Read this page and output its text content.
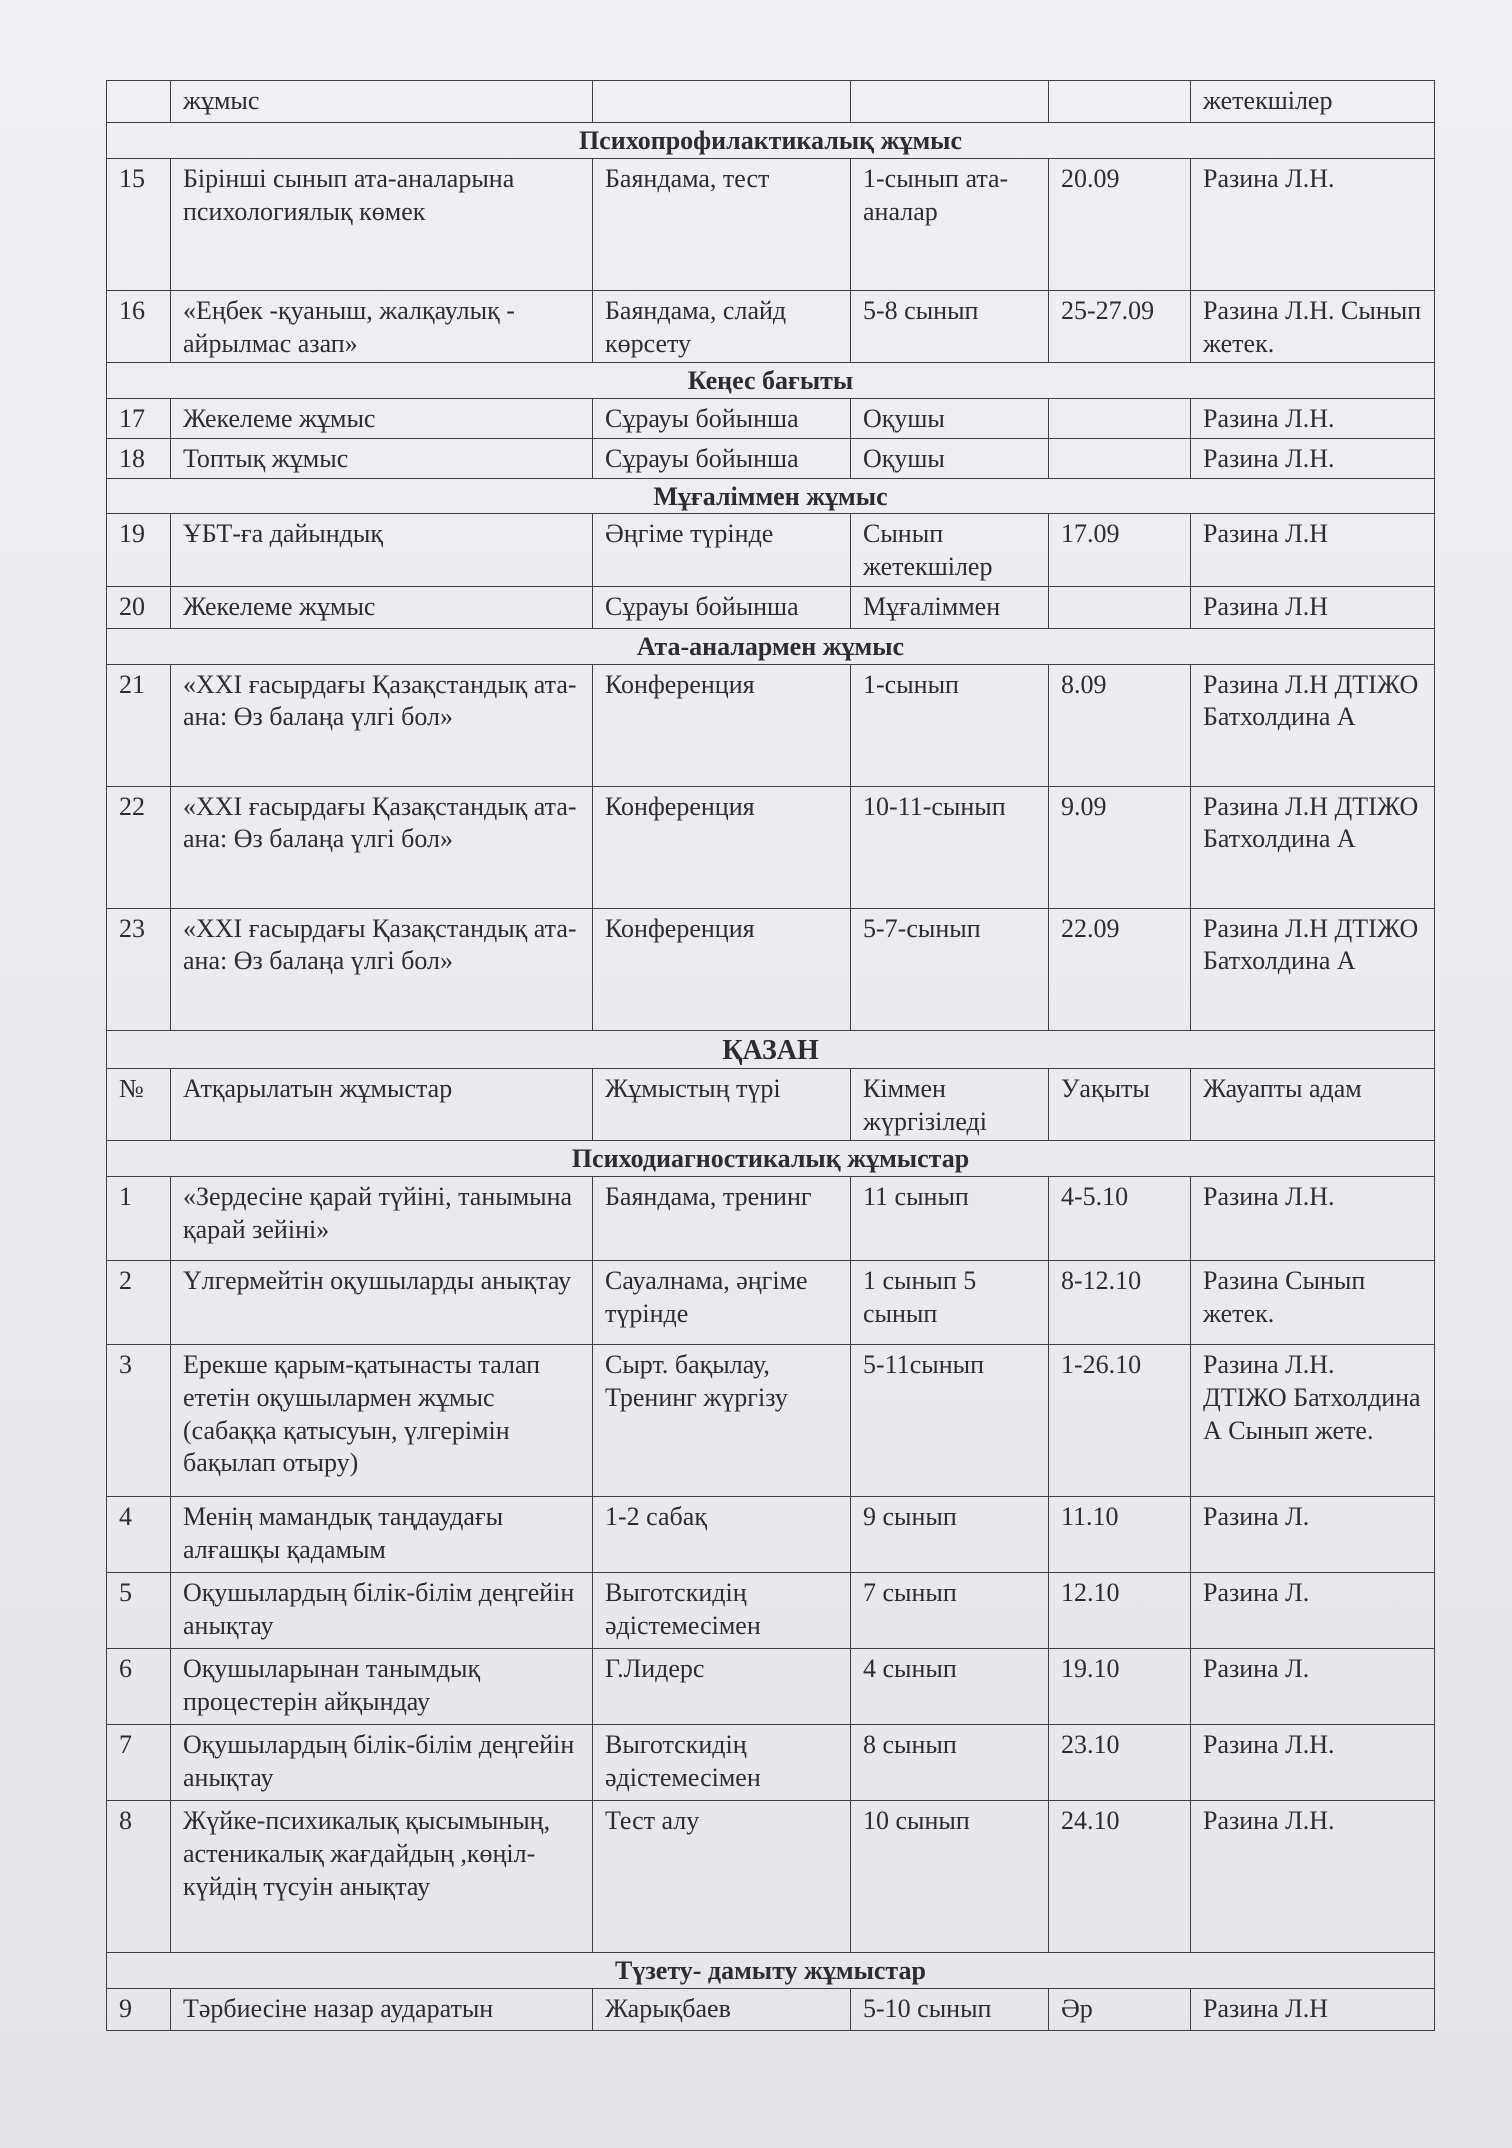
	жұмыс				жетекшілер
Психопрофилактикалық жұмыс					
15	Бірінші сынып ата-аналарына психологиялық көмек	Баяндама, тест	1-сынып ата-аналар	20.09	Разина Л.Н.
16	«Еңбек -қуаныш, жалқаулық - айрылмас азап»	Баяндама, слайд көрсету	5-8 сынып	25-27.09	Разина Л.Н. Сынып жетек.
Кеңес бағыты					
17	Жекелеме жұмыс	Сұрауы бойынша	Оқушы		Разина Л.Н.
18	Топтық жұмыс	Сұрауы бойынша	Оқушы		Разина Л.Н.
Мұғаліммен жұмыс					
19	ҰБТ-ға дайындық	Әңгіме түрінде	Сынып жетекшілер	17.09	Разина Л.Н
20	Жекелеме жұмыс	Сұрауы бойынша	Мұғаліммен		Разина Л.Н
Ата-аналармен жұмыс					
21	«XXI ғасырдағы Қазақстандық ата-ана: Өз балаңа үлгі бол»	Конференция	1-сынып	8.09	Разина Л.Н ДТІЖО Батхолдина А
22	«XXI ғасырдағы Қазақстандық ата-ана: Өз балаңа үлгі бол»	Конференция	10-11-сынып	9.09	Разина Л.Н ДТІЖО Батхолдина А
23	«XXI ғасырдағы Қазақстандық ата-ана: Өз балаңа үлгі бол»	Конференция	5-7-сынып	22.09	Разина Л.Н ДТІЖО Батхолдина А
ҚАЗАН					
№	Атқарылатын жұмыстар	Жұмыстың түрі	Кіммен жүргізіледі	Уақыты	Жауапты адам
Психодиагностикалық жұмыстар					
1	«Зердесіне қарай түйіні, танымына қарай зейіні»	Баяндама, тренинг	11 сынып	4-5.10	Разина Л.Н.
2	Үлгермейтін оқушыларды анықтау	Сауалнама, әңгіме түрінде	1 сынып 5 сынып	8-12.10	Разина Сынып жетек.
3	Ерекше қарым-қатынасты талап ететін оқушылармен жұмыс (сабаққа қатысуын, үлгерімін бақылап отыру)	Сырт. бақылау, Тренинг жүргізу	5-11сынып	1-26.10	Разина Л.Н. ДТІЖО Батхолдина А Сынып жете.
4	Менің мамандық таңдаудағы алғашқы қадамым	1-2 сабақ	9 сынып	11.10	Разина Л.
5	Оқушылардың білік-білім деңгейін анықтау	Выготскидің әдістемесімен	7 сынып	12.10	Разина Л.
6	Оқушыларынан танымдық процестерін айқындау	Г.Лидерс	4 сынып	19.10	Разина Л.
7	Оқушылардың білік-білім деңгейін анықтау	Выготскидің әдістемесімен	8 сынып	23.10	Разина Л.Н.
8	Жүйке-психикалық қысымының, астеникалық жағдайдың ,көңіл-күйдің түсуін анықтау	Тест алу	10 сынып	24.10	Разина Л.Н.
Түзету- дамыту жұмыстар					
9	Тәрбиесіне назар аударатын	Жарықбаев	5-10 сынып	Әр	Разина Л.Н
